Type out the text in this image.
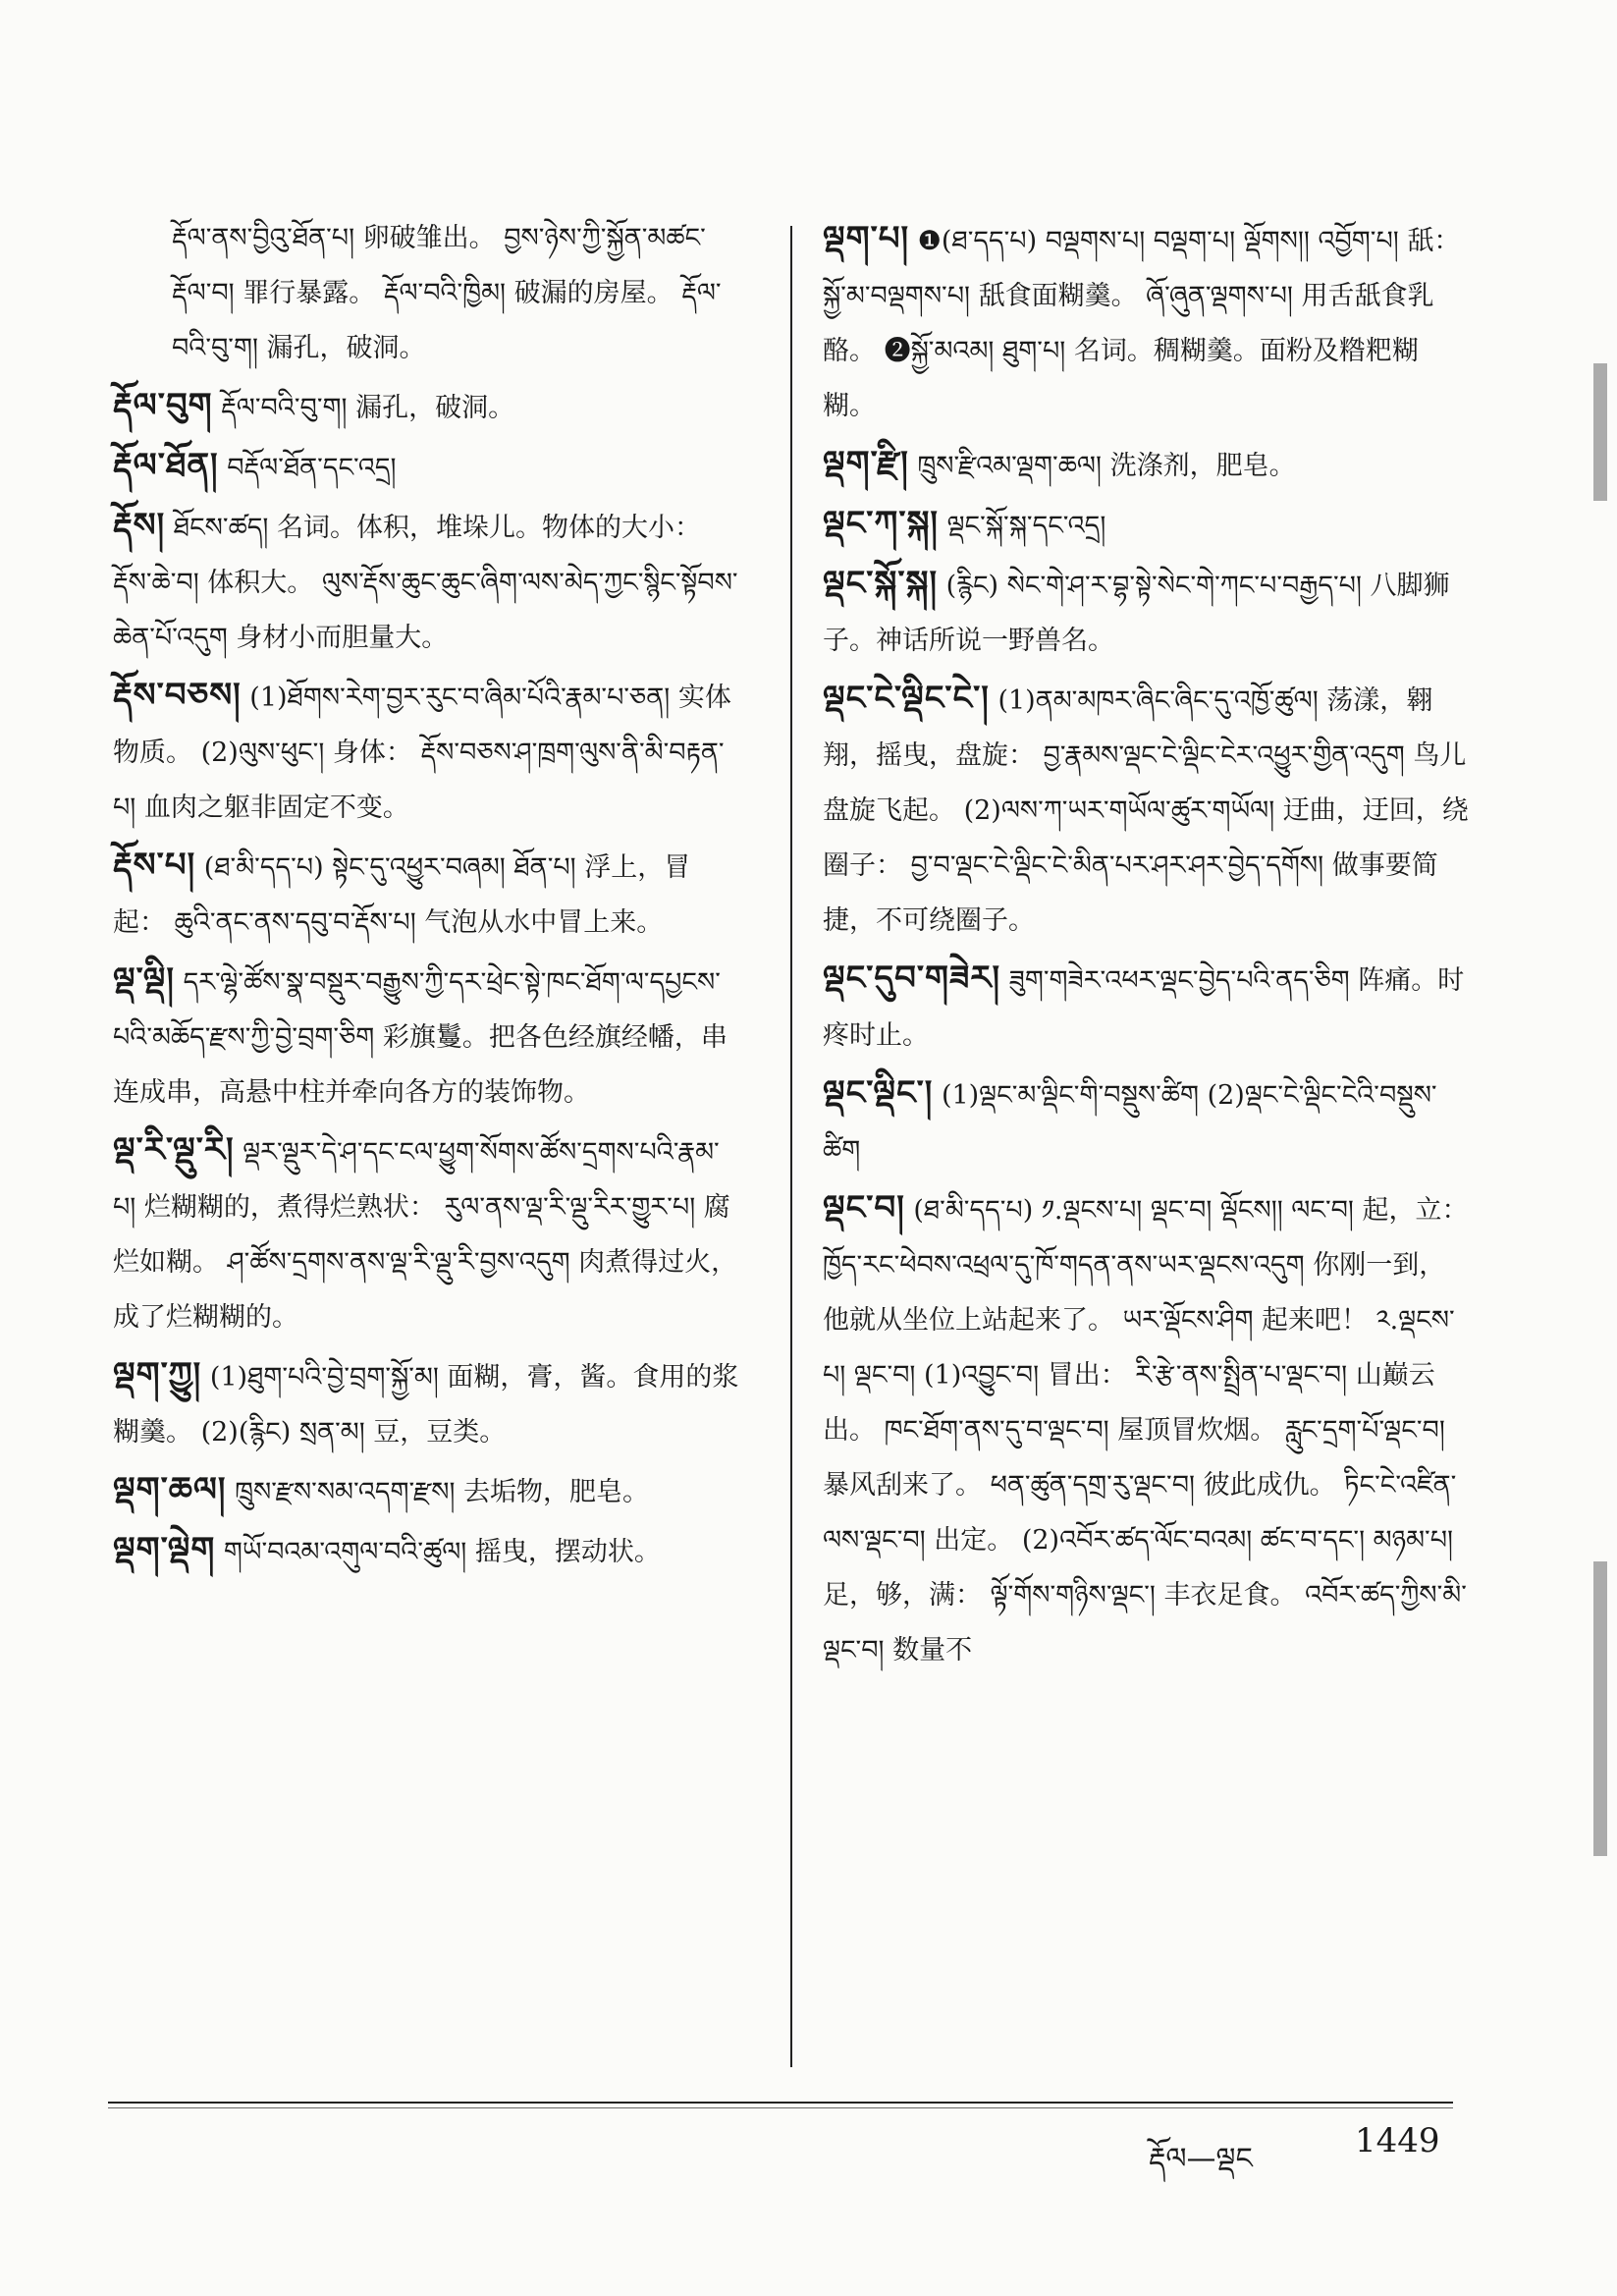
རྡོལ་ནས་བྱིའུ་ཐོན་པ། 卵破雏出。 བྱས་ཉེས་ཀྱི་སྐྱོན་མཚང་རྡོལ་བ། 罪行暴露。 རྡོལ་བའི་ཁྱིམ། 破漏的房屋。 རྡོལ་བའི་བུ་ག། 漏孔，破洞。
རྡོལ་བུག རྡོལ་བའི་བུ་ག། 漏孔，破洞。
རྡོལ་ཐོན། བརྡོལ་ཐོན་དང་འདྲ།
རྡོས། ཐོངས་ཚད། 名词。体积，堆垛儿。物体的大小： རྡོས་ཆེ་བ། 体积大。 ལུས་རྡོས་ཆུང་ཆུང་ཞིག་ལས་མེད་ཀྱང་སྙིང་སྟོབས་ཆེན་པོ་འདུག 身材小而胆量大。
རྡོས་བཅས། (1)ཐོགས་རེག་བྱར་རུང་བ་ཞིམ་པོའི་རྣམ་པ་ཅན། 实体物质。 (2)ལུས་ཕུང་། 身体： རྡོས་བཅས་ཤ་ཁྲག་ལུས་ནི་མི་བརྟན་པ། 血肉之躯非固定不变。
རྡོས་པ། (ཐ་མི་དད་པ) སྟེང་དུ་འཕྱུར་བཞམ། ཐོན་པ། 浮上，冒起： ཆུའི་ནང་ནས་དབུ་བ་རྡོས་པ། 气泡从水中冒上来。
ལྡ་ལྡི། དར་ལྷེ་ཚོས་སྣ་བསྡུར་བརྒྱུས་ཀྱི་དར་ཕྲེང་སྟེ་ཁང་ཐོག་ལ་དཔྱངས་པའི་མཆོད་རྫས་ཀྱི་བྱེ་བྲག་ཅིག 彩旗鬘。把各色经旗经幡，串连成串，高悬中柱并牵向各方的装饰物。
ལྡ་རི་ལྡུ་རི། ལྡར་ལྡུར་དེ་ཤ་དང་ངལ་ཕྱུག་སོགས་ཚོས་དྲགས་པའི་རྣམ་པ། 烂糊糊的，煮得烂熟状： རུལ་ནས་ལྡ་རི་ལྡུ་རིར་གྱུར་པ། 腐烂如糊。 ཤ་ཚོས་དྲགས་ནས་ལྡ་རི་ལྡུ་རི་བྱས་འདུག 肉煮得过火，成了烂糊糊的。
ལྡག་ཀྱུ། (1)ཐུག་པའི་བྱེ་བྲག་སྐྱོ་མ། 面糊，膏，酱。食用的浆糊羹。 (2)(རྙིང) སྲན་མ། 豆，豆类。
ལྡག་ཆལ། ཁྲུས་རྫས་སམ་འདག་རྫས། 去垢物，肥皂。
ལྡག་ལྡེག གཡོ་བའམ་འགུལ་བའི་ཚུལ། 摇曳，摆动状。
ལྡག་པ། ❶(ཐ་དད་པ) བལྡགས་པ། བལྡག་པ། ལྡོགས།། འབྱོག་པ། 舐： སྐྱོ་མ་བལྡགས་པ། 舐食面糊羹。 ཞོ་ཞུན་ལྡགས་པ། 用舌舐食乳酪。 ❷སྐྱོ་མའམ། ཐུག་པ། 名词。稠糊羹。面粉及糌粑糊糊。
ལྡག་རྫི། ཁྲུས་རྫིའམ་ལྡག་ཆལ། 洗涤剂，肥皂。
ལྡང་ཀ་སྐ། ལྡང་སྐོ་སྐ་དང་འདྲ།
ལྡང་སྐོ་སྐ། (རྙིང) སེང་གེ་ཤ་ར་བྷ་སྟེ་སེང་གེ་ཀང་པ་བརྒྱད་པ། 八脚狮子。神话所说一野兽名。
ལྡང་ངེ་ལྡིང་ངེ་། (1)ནམ་མཁར་ཞིང་ཞིང་དུ་འཁྱོ་ཚུལ། 荡漾，翱翔，摇曳，盘旋： བྱ་རྣམས་ལྡང་ངེ་ལྡིང་ངེར་འཕྱུར་གྱིན་འདུག 鸟儿盘旋飞起。 (2)ལས་ཀ་ཡར་གཡོལ་ཚུར་གཡོལ། 迂曲，迂回，绕圈子： བྱ་བ་ལྡང་ངེ་ལྡིང་ངེ་མིན་པར་ཤར་ཤར་བྱེད་དགོས། 做事要简捷，不可绕圈子。
ལྡང་དུབ་གཟེར། ཟུག་གཟེར་འཕར་ལྡང་བྱེད་པའི་ནད་ཅིག 阵痛。时疼时止。
ལྡང་ལྡིང་། (1)ལྡང་མ་ལྡིང་གི་བསྡུས་ཚིག (2)ལྡང་ངེ་ལྡིང་ངེའི་བསྡུས་ཚིག
ལྡང་བ། (ཐ་མི་དད་པ) ༡.ལྡངས་པ། ལྡང་བ། ལྡོངས།། ལང་བ། 起，立： ཁྱོད་རང་ཕེབས་འཕྲལ་དུ་ཁོ་གདན་ནས་ཡར་ལྡངས་འདུག 你刚一到，他就从坐位上站起来了。 ཡར་ལྡོངས་ཤིག 起来吧！ ༢.ལྡངས་པ། ལྡང་བ། (1)འབྱུང་བ། 冒出： རི་རྩེ་ནས་སྤྲིན་པ་ལྡང་བ། 山巅云出。 ཁང་ཐོག་ནས་དུ་བ་ལྡང་བ། 屋顶冒炊烟。 རླུང་དྲག་པོ་ལྡང་བ། 暴风刮来了。 ཕན་ཚུན་དགྲ་རུ་ལྡང་བ། 彼此成仇。 ཏིང་ངེ་འཛིན་ལས་ལྡང་བ། 出定。 (2)འབོར་ཚད་ལོང་བའམ། ཚང་བ་དང་། མཉམ་པ། 足，够，满： ལྟོ་གོས་གཉིས་ལྡང་། 丰衣足食。 འབོར་ཚད་ཀྱིས་མི་ལྡང་བ། 数量不
རྡོལ—ལྡང	1449
